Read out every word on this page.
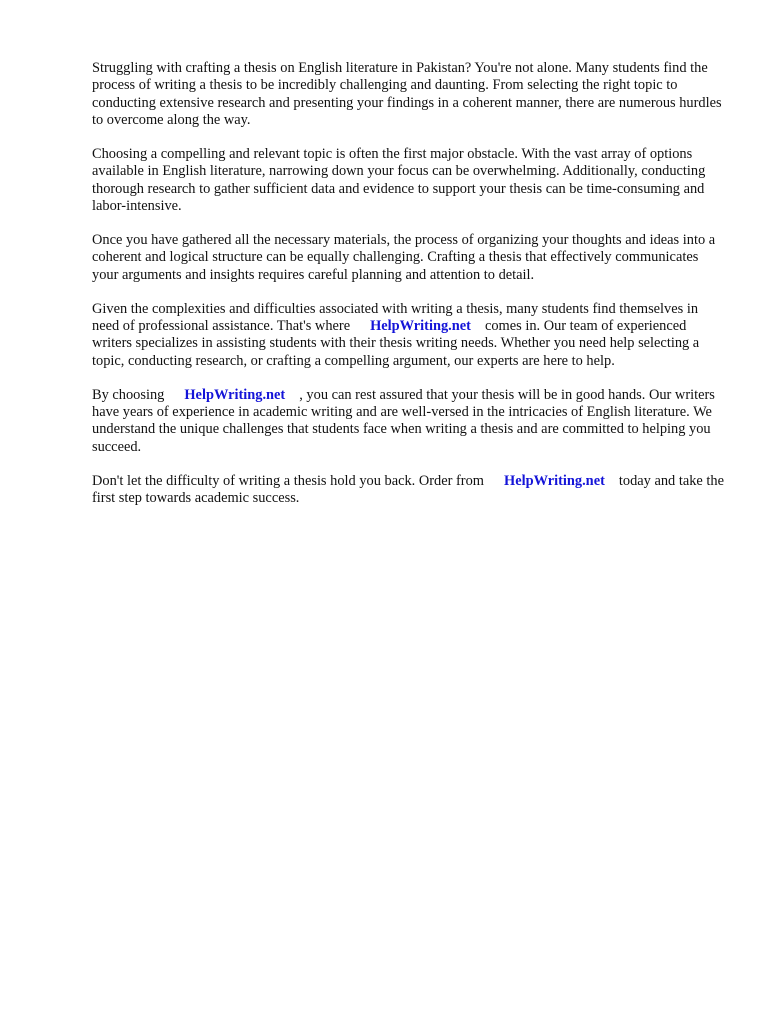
Struggling with crafting a thesis on English literature in Pakistan? You're not alone. Many students find the process of writing a thesis to be incredibly challenging and daunting. From selecting the right topic to conducting extensive research and presenting your findings in a coherent manner, there are numerous hurdles to overcome along the way.

Choosing a compelling and relevant topic is often the first major obstacle. With the vast array of options available in English literature, narrowing down your focus can be overwhelming. Additionally, conducting thorough research to gather sufficient data and evidence to support your thesis can be time-consuming and labor-intensive.

Once you have gathered all the necessary materials, the process of organizing your thoughts and ideas into a coherent and logical structure can be equally challenging. Crafting a thesis that effectively communicates your arguments and insights requires careful planning and attention to detail.

Given the complexities and difficulties associated with writing a thesis, many students find themselves in need of professional assistance. That's where HelpWriting.net comes in. Our team of experienced writers specializes in assisting students with their thesis writing needs. Whether you need help selecting a topic, conducting research, or crafting a compelling argument, our experts are here to help.

By choosing HelpWriting.net , you can rest assured that your thesis will be in good hands. Our writers have years of experience in academic writing and are well-versed in the intricacies of English literature. We understand the unique challenges that students face when writing a thesis and are committed to helping you succeed.

Don't let the difficulty of writing a thesis hold you back. Order from HelpWriting.net today and take the first step towards academic success.
